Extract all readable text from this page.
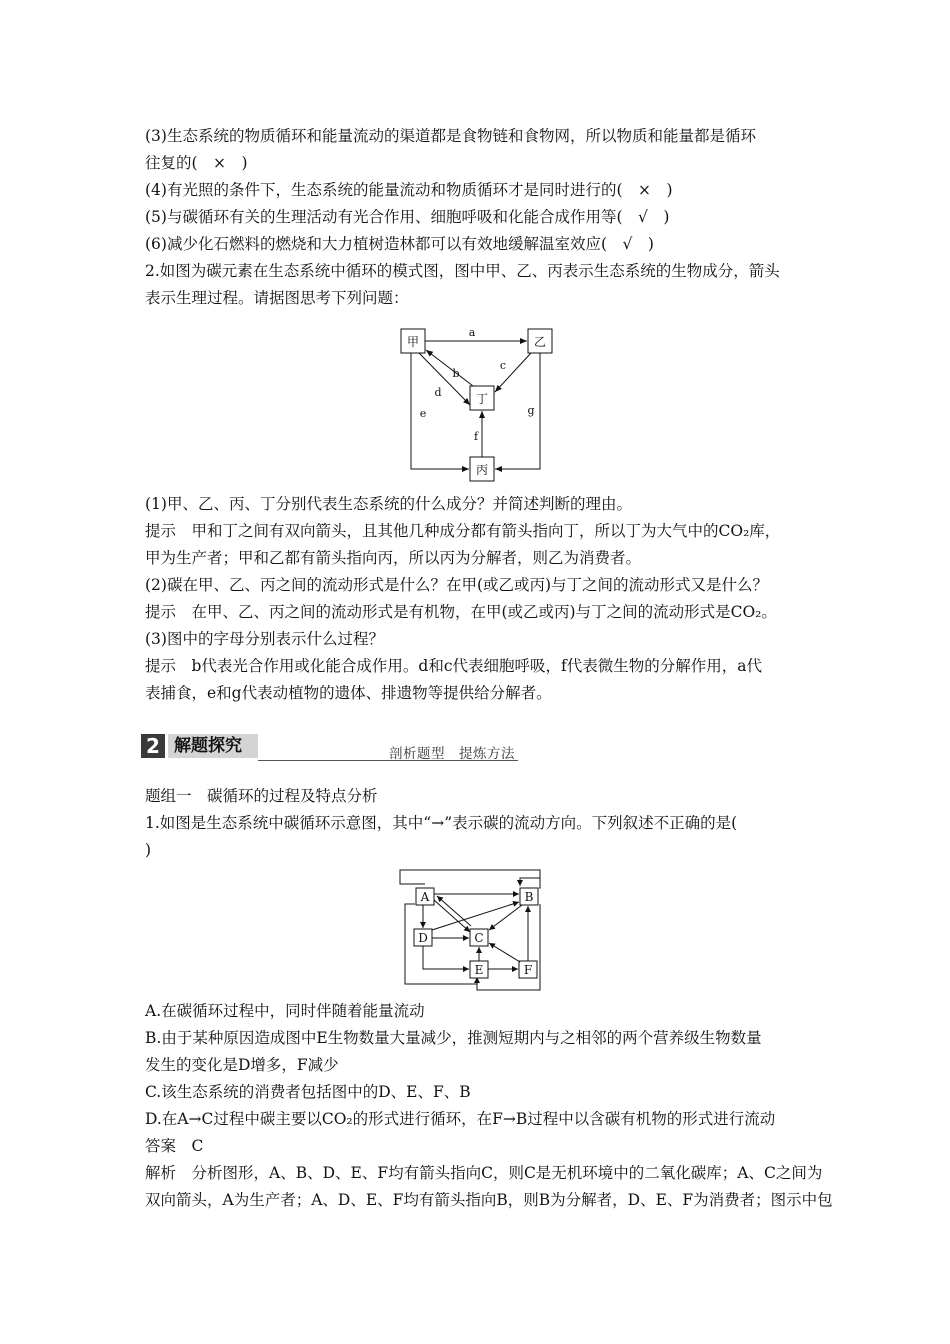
(3)生态系统的物质循环和能量流动的渠道都是食物链和食物网，所以物质和能量都是循环
往复的(　×　)
(4)有光照的条件下，生态系统的能量流动和物质循环才是同时进行的(　×　)
(5)与碳循环有关的生理活动有光合作用、细胞呼吸和化能合成作用等(　√　)
(6)减少化石燃料的燃烧和大力植树造林都可以有效地缓解温室效应(　√　)
2.如图为碳元素在生态系统中循环的模式图，图中甲、乙、丙表示生态系统的生物成分，箭头
表示生理过程。请据图思考下列问题：
甲	乙
丁
丙
a
c
b
d
e
f
g
(1)甲、乙、丙、丁分别代表生态系统的什么成分？并简述判断的理由。
提示　甲和丁之间有双向箭头，且其他几种成分都有箭头指向丁，所以丁为大气中的CO₂库，
甲为生产者；甲和乙都有箭头指向丙，所以丙为分解者，则乙为消费者。
(2)碳在甲、乙、丙之间的流动形式是什么？在甲(或乙或丙)与丁之间的流动形式又是什么？
提示　在甲、乙、丙之间的流动形式是有机物，在甲(或乙或丙)与丁之间的流动形式是CO₂。
(3)图中的字母分别表示什么过程？
提示　b代表光合作用或化能合成作用。d和c代表细胞呼吸，f代表微生物的分解作用，a代
表捕食，e和g代表动植物的遗体、排遗物等提供给分解者。
2 解题探究	剖析题型　提炼方法
题组一　碳循环的过程及特点分析
1.如图是生态系统中碳循环示意图，其中“→”表示碳的流动方向。下列叙述不正确的是(
)
A	B
D	C
E	F
A.在碳循环过程中，同时伴随着能量流动
B.由于某种原因造成图中E生物数量大量减少，推测短期内与之相邻的两个营养级生物数量
发生的变化是D增多，F减少
C.该生态系统的消费者包括图中的D、E、F、B
D.在A→C过程中碳主要以CO₂的形式进行循环，在F→B过程中以含碳有机物的形式进行流动
答案　C
解析　分析图形，A、B、D、E、F均有箭头指向C，则C是无机环境中的二氧化碳库；A、C之间为
双向箭头，A为生产者；A、D、E、F均有箭头指向B，则B为分解者，D、E、F为消费者；图示中包
